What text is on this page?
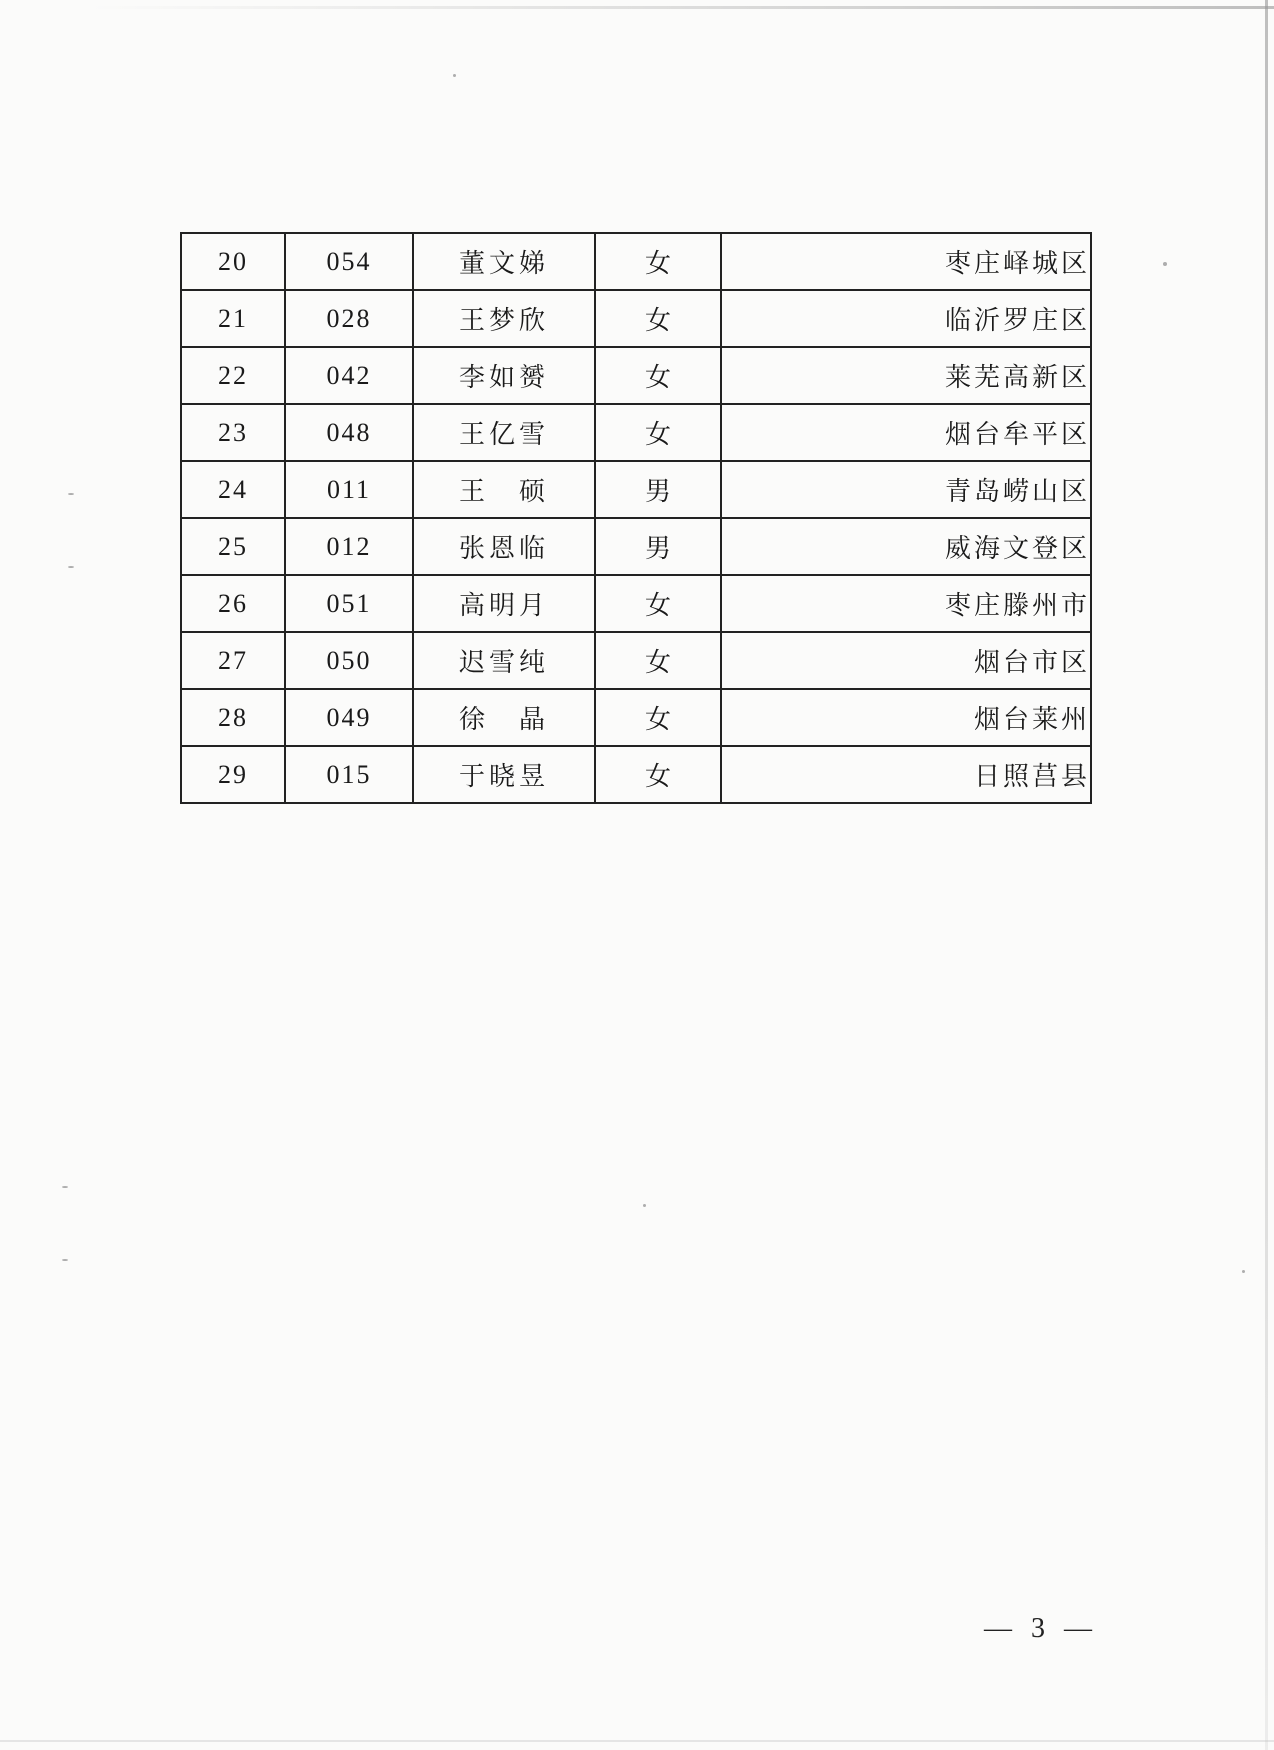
20	054	董文娣	女	枣庄峄城区
21	028	王梦欣	女	临沂罗庄区
22	042	李如赟	女	莱芜高新区
23	048	王亿雪	女	烟台牟平区
24	011	王　硕	男	青岛崂山区
25	012	张恩临	男	威海文登区
26	051	高明月	女	枣庄滕州市
27	050	迟雪纯	女	烟台市区
28	049	徐　晶	女	烟台莱州
29	015	于晓昱	女	日照莒县
— 3 —
